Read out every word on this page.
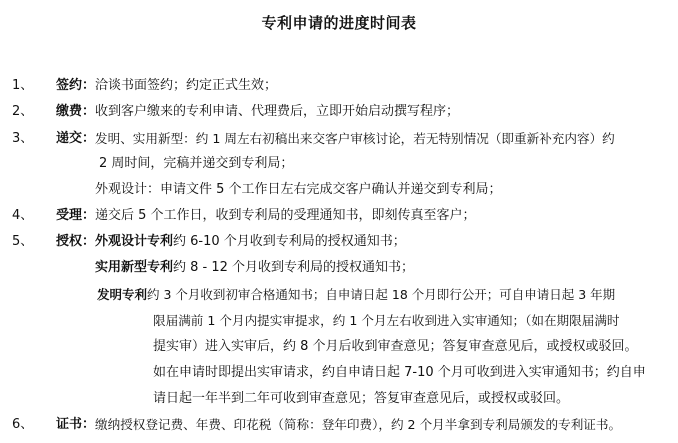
专利申请的进度时间表
1、 签约： 洽谈书面签约；约定正式生效；
2、 缴费： 收到客户缴来的专利申请、代理费后，立即开始启动撰写程序；
3、 递交： 发明、实用新型：约 1 周左右初稿出来交客户审核讨论，若无特别情况（即重新补充内容）约
2 周时间，完稿并递交到专利局；
外观设计：申请文件 5 个工作日左右完成交客户确认并递交到专利局；
4、 受理： 递交后 5 个工作日，收到专利局的受理通知书，即刻传真至客户；
5、 授权： 外观设计专利约 6-10 个月收到专利局的授权通知书；
实用新型专利约 8 - 12 个月收到专利局的授权通知书；
发明专利约 3 个月收到初审合格通知书；自申请日起 18 个月即行公开；可自申请日起 3 年期
限届满前 1 个月内提实审提求，约 1 个月左右收到进入实审通知；（如在期限届满时
提实审）进入实审后，约 8 个月后收到审查意见；答复审查意见后，或授权或驳回。
如在申请时即提出实审请求，约自申请日起 7-10 个月可收到进入实审通知书；约自申
请日起一年半到二年可收到审查意见；答复审查意见后，或授权或驳回。
6、 证书： 缴纳授权登记费、年费、印花税（简称：登年印费），约 2 个月半拿到专利局颁发的专利证书。
